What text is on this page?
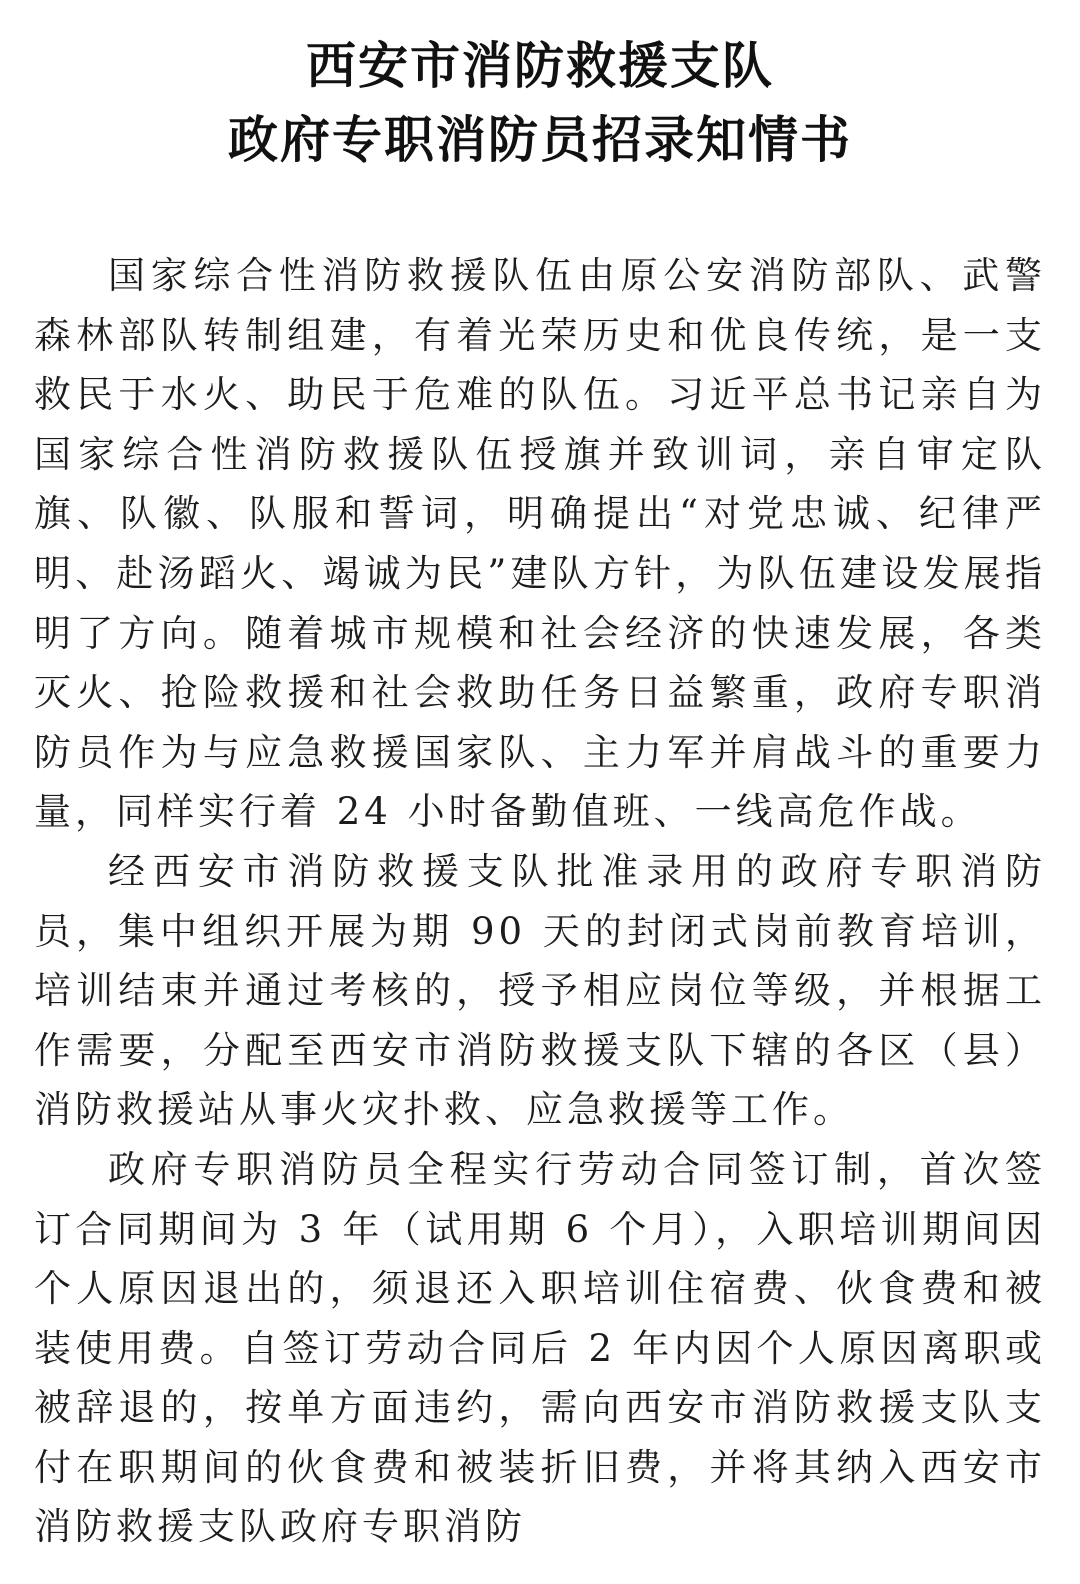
西安市消防救援支队
政府专职消防员招录知情书

国家综合性消防救援队伍由原公安消防部队、武警森林部队转制组建，有着光荣历史和优良传统，是一支救民于水火、助民于危难的队伍。习近平总书记亲自为国家综合性消防救援队伍授旗并致训词，亲自审定队旗、队徽、队服和誓词，明确提出“对党忠诚、纪律严明、赴汤蹈火、竭诚为民”建队方针，为队伍建设发展指明了方向。随着城市规模和社会经济的快速发展，各类灭火、抢险救援和社会救助任务日益繁重，政府专职消防员作为与应急救援国家队、主力军并肩战斗的重要力量，同样实行着 24 小时备勤值班、一线高危作战。

经西安市消防救援支队批准录用的政府专职消防员，集中组织开展为期 90 天的封闭式岗前教育培训，培训结束并通过考核的，授予相应岗位等级，并根据工作需要，分配至西安市消防救援支队下辖的各区（县）消防救援站从事火灾扑救、应急救援等工作。

政府专职消防员全程实行劳动合同签订制，首次签订合同期间为 3 年（试用期 6 个月），入职培训期间因个人原因退出的，须退还入职培训住宿费、伙食费和被装使用费。自签订劳动合同后 2 年内因个人原因离职或被辞退的，按单方面违约，需向西安市消防救援支队支付在职期间的伙食费和被装折旧费，并将其纳入西安市消防救援支队政府专职消防
